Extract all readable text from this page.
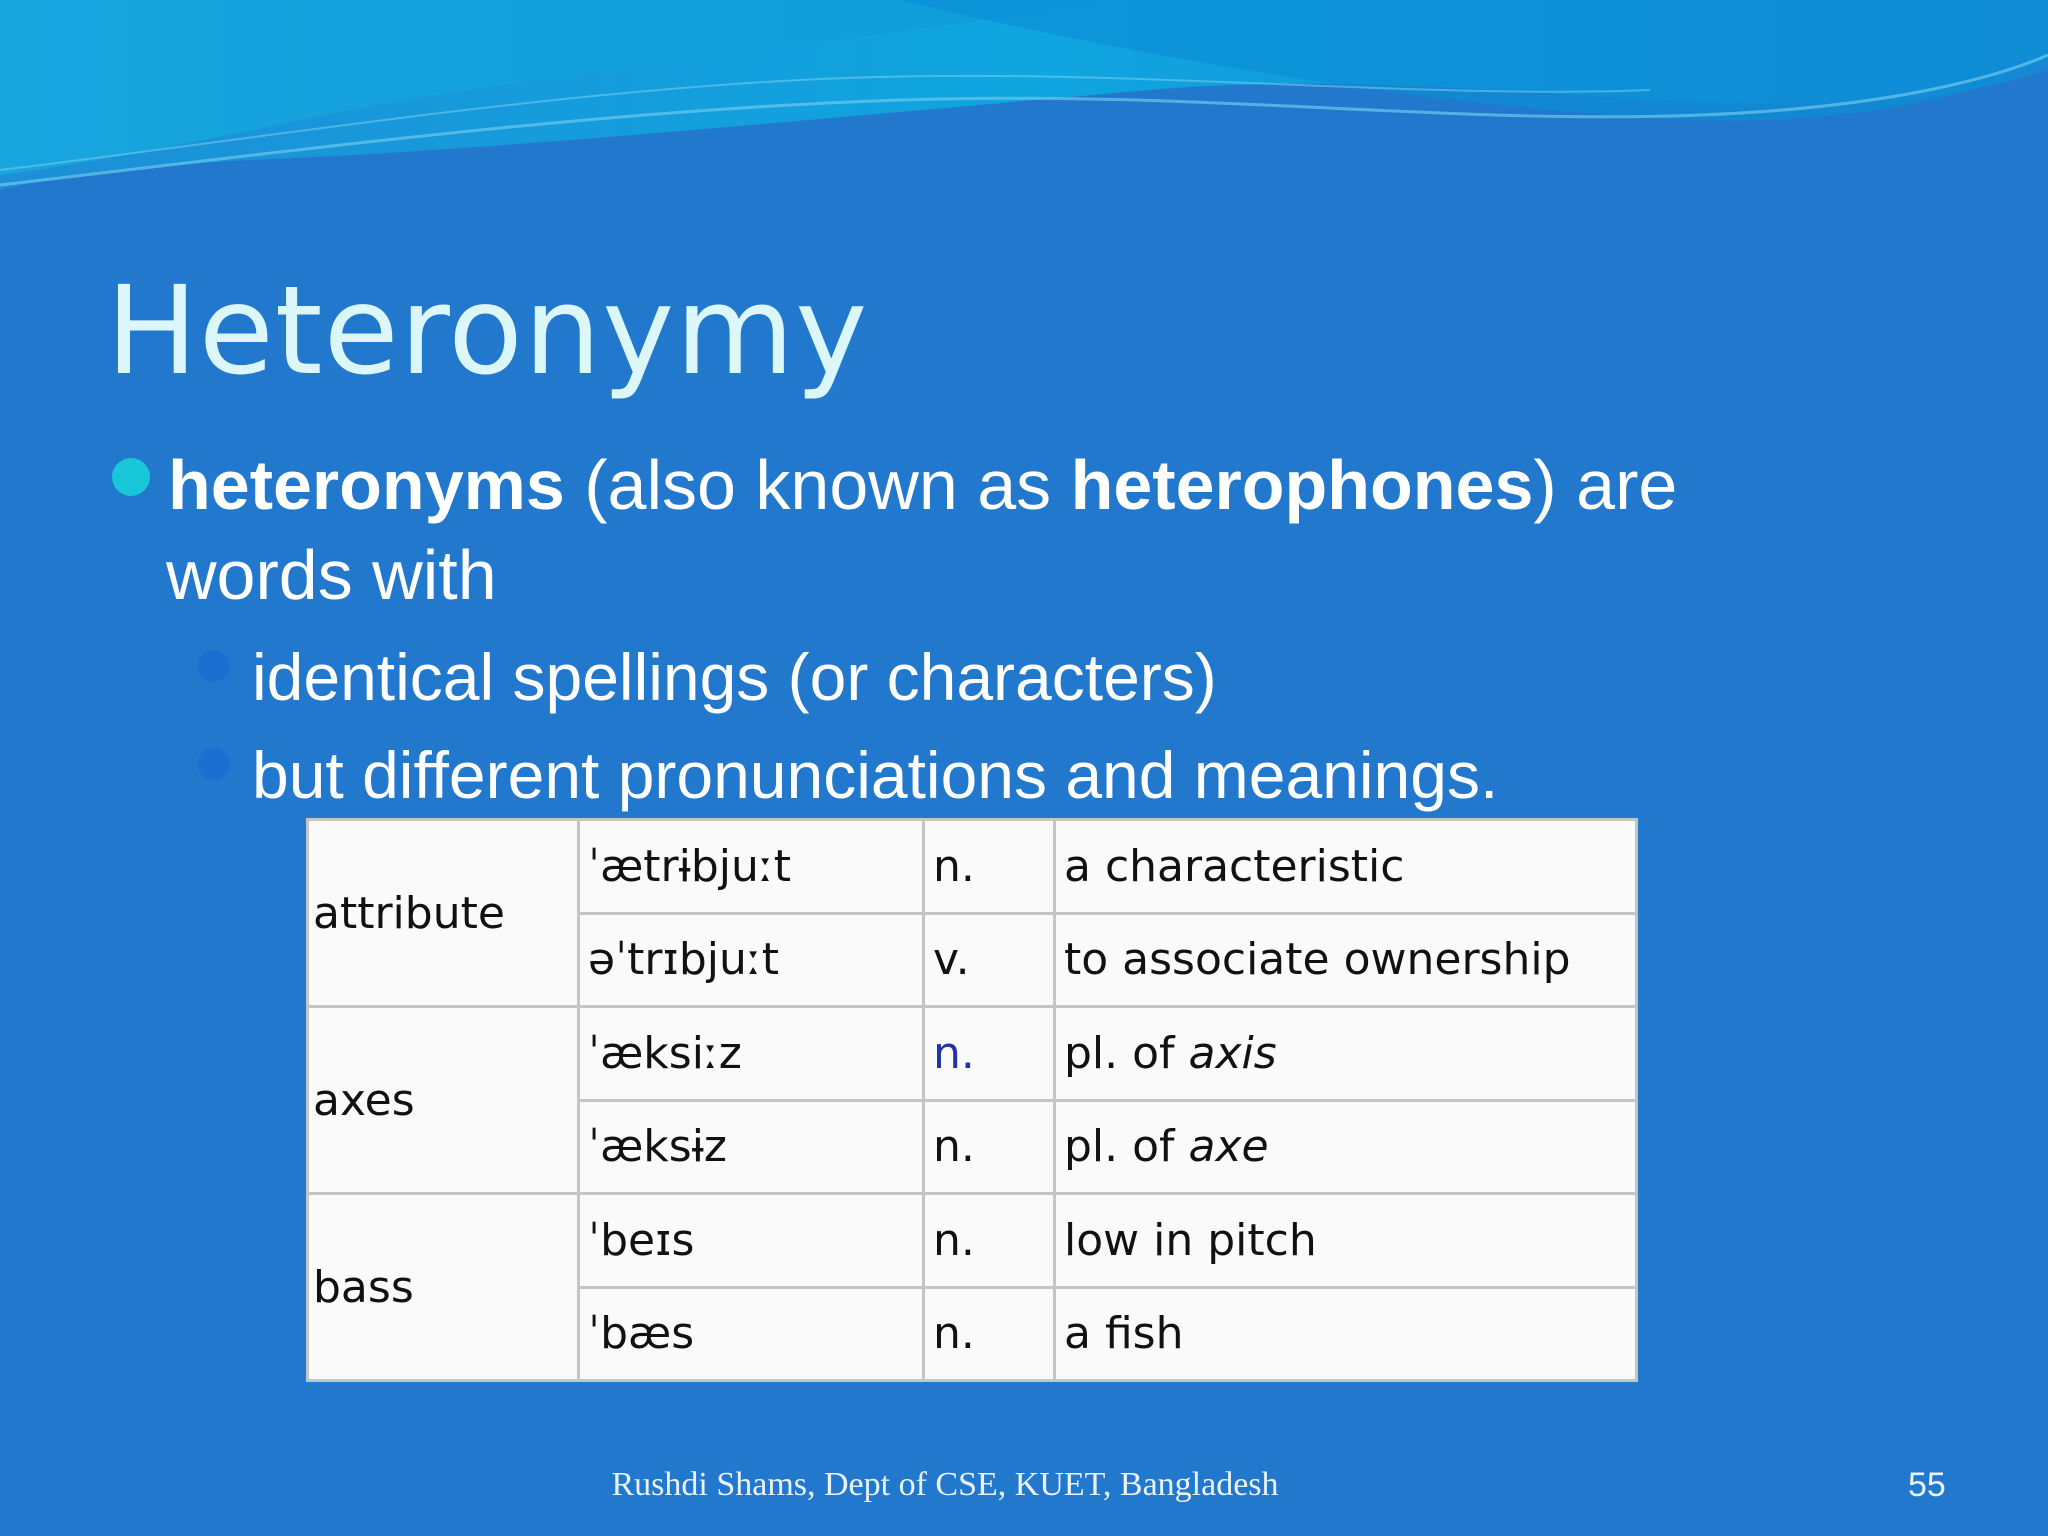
Heteronymy

heteronyms (also known as heterophones) are
words with

identical spellings (or characters)

but different pronunciations and meanings.

attribute	ˈætrɨbjuːt	n.	a characteristic
	əˈtrɪbjuːt	v.	to associate ownership
axes	ˈæksiːz	n.	pl. of axis
	ˈæksɨz	n.	pl. of axe
bass	ˈbeɪs	n.	low in pitch
	ˈbæs	n.	a fish

Rushdi Shams, Dept of CSE, KUET, Bangladesh	55
